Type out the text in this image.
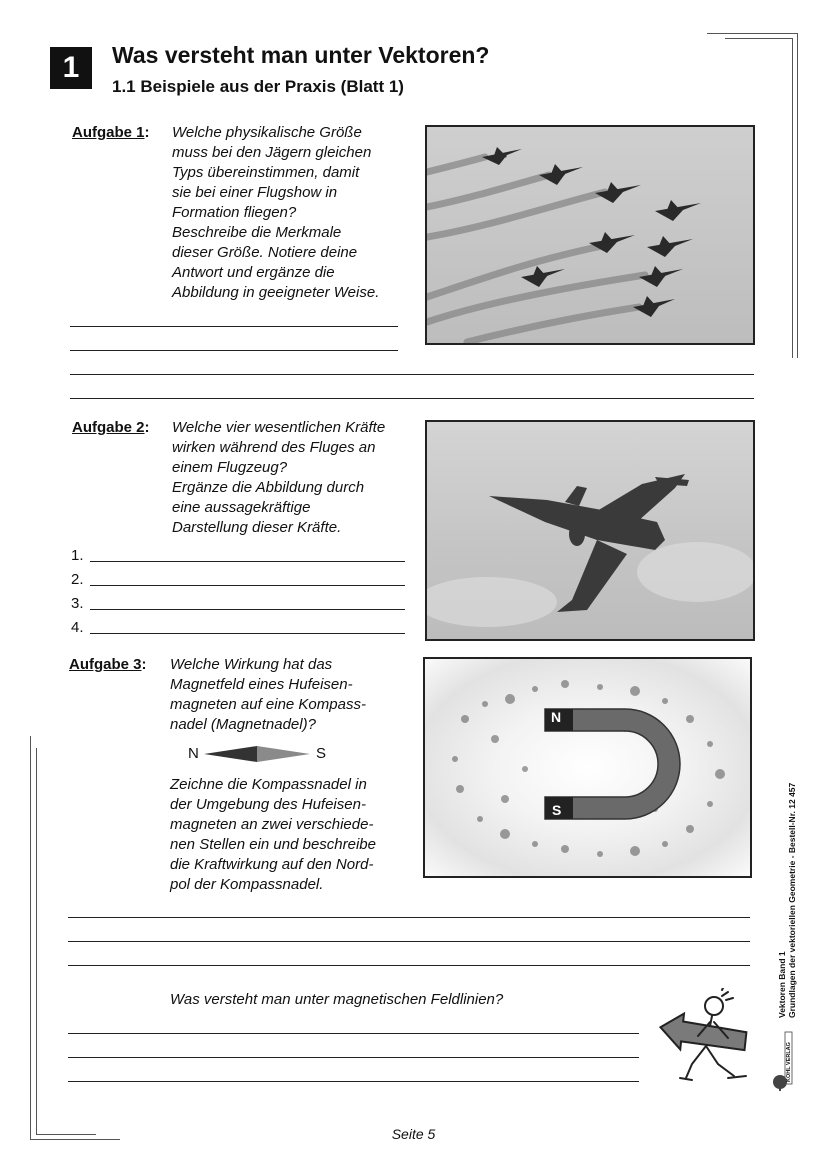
1	Was versteht man unter Vektoren?
1.1 Beispiele aus der Praxis (Blatt 1)
Aufgabe 1: Welche physikalische Größe
muss bei den Jägern gleichen
Typs übereinstimmen, damit
sie bei einer Flugshow in
Formation fliegen?
Beschreibe die Merkmale
dieser Größe. Notiere deine
Antwort und ergänze die
Abbildung in geeigneter Weise.
Aufgabe 2: Welche vier wesentlichen Kräfte
wirken während des Fluges an
einem Flugzeug?
Ergänze die Abbildung durch
eine aussagekräftige
Darstellung dieser Kräfte.
1.
2.
3.
4.
Aufgabe 3: Welche Wirkung hat das
Magnetfeld eines Hufeisen-
magneten auf eine Kompass-
nadel (Magnetnadel)?
N	S
Zeichne die Kompassnadel in
der Umgebung des Hufeisen-
magneten an zwei verschiede-
nen Stellen ein und beschreibe
die Kraftwirkung auf den Nord-
pol der Kompassnadel.
N
S
Was versteht man unter magnetischen Feldlinien?	Vektoren Band 1 Grundlagen der vektoriellen Geometrie - Bestell-Nr. 12 457
KOHL VERLAG
Seite 5
